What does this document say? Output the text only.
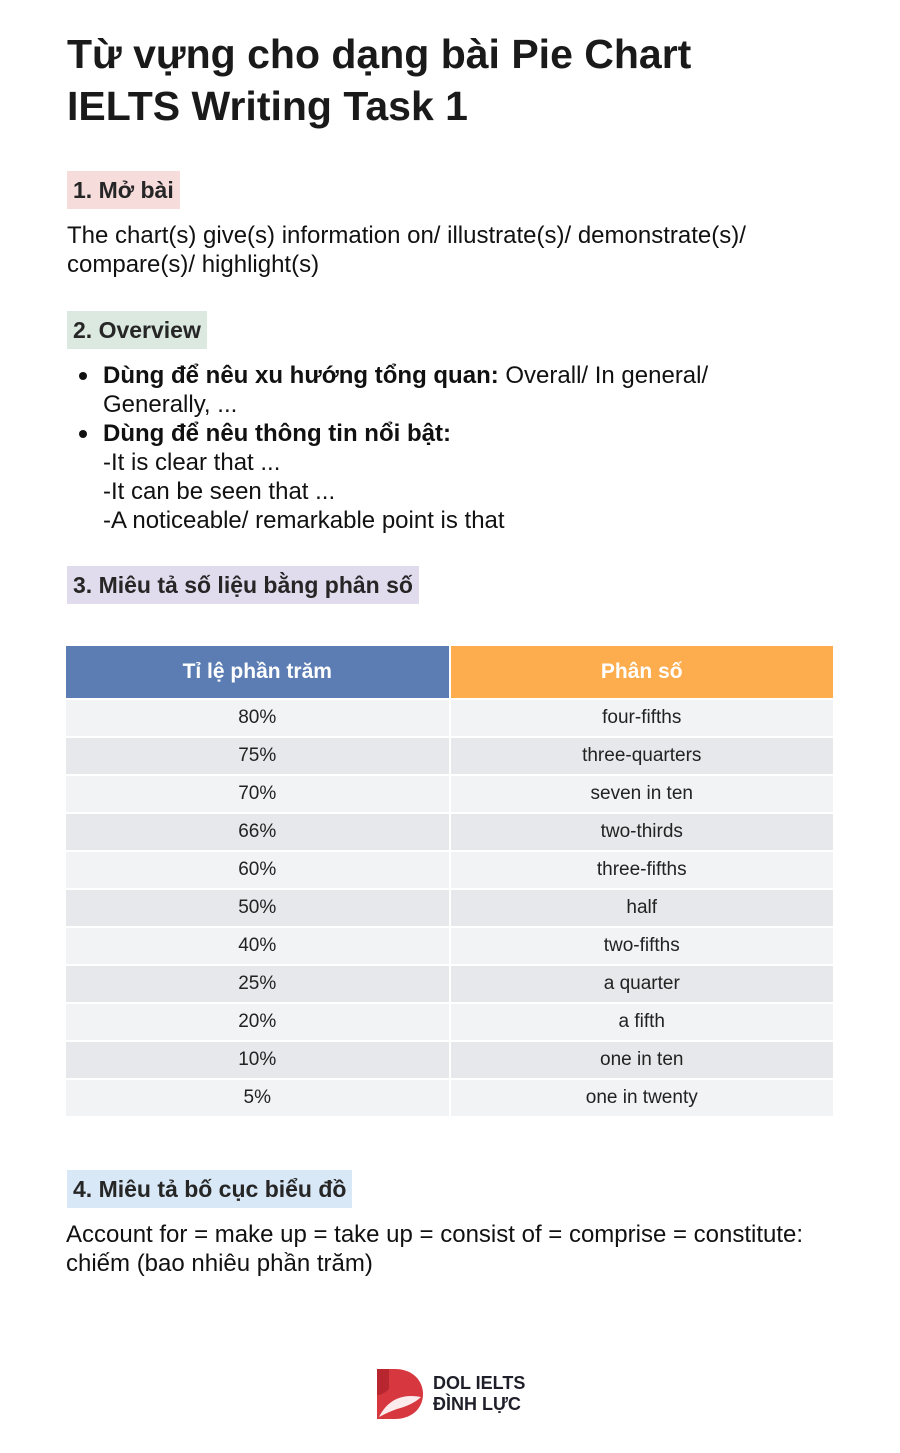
Từ vựng cho dạng bài Pie Chart
IELTS Writing Task 1
1. Mở bài

The chart(s) give(s) information on/ illustrate(s)/ demonstrate(s)/ compare(s)/ highlight(s)

2. Overview
Dùng để nêu xu hướng tổng quan: Overall/ In general/ Generally, ...
Dùng để nêu thông tin nổi bật:
-It is clear that ...
-It can be seen that ...
-A noticeable/ remarkable point is that
3. Miêu tả số liệu bằng phân số
Tỉ lệ phần trăm	Phân số
80%	four-fifths
75%	three-quarters
70%	seven in ten
66%	two-thirds
60%	three-fifths
50%	half
40%	two-fifths
25%	a quarter
20%	a fifth
10%	one in ten
5%	one in twenty
4. Miêu tả bố cục biểu đồ

Account for = make up = take up = consist of = comprise = constitute: chiếm (bao nhiêu phần trăm)

DOL IELTS
ĐÌNH LỰC
